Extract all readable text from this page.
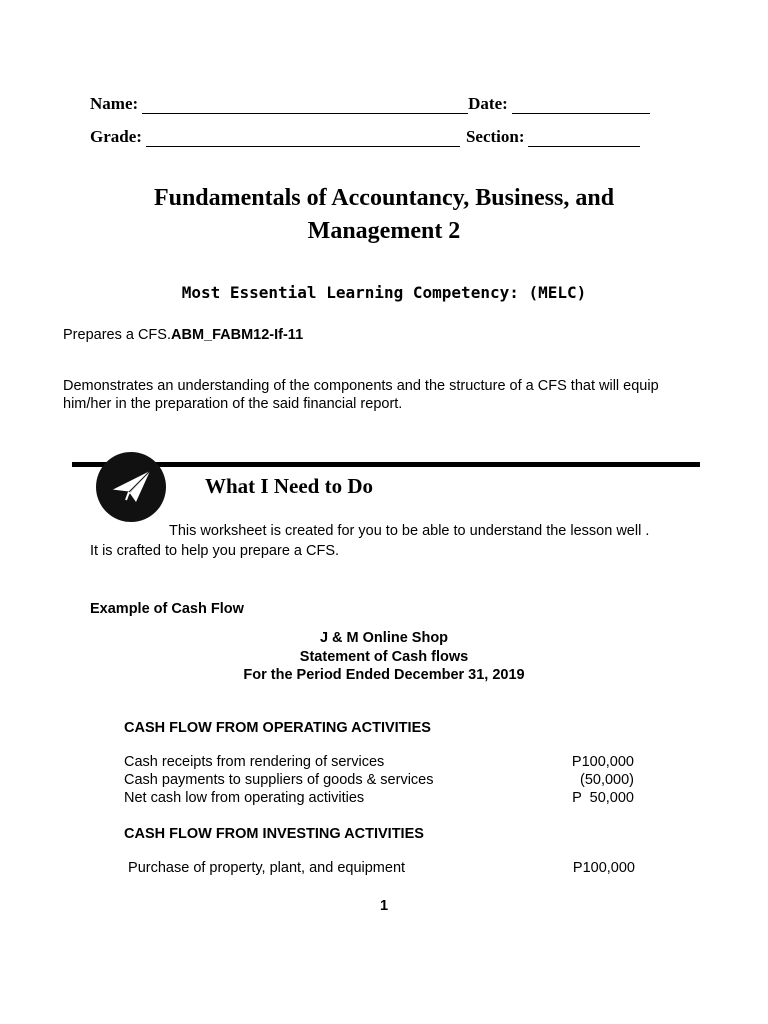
Name:	Date:
Grade:	Section:
Fundamentals of Accountancy, Business, and
Management 2
Most Essential Learning Competency: (MELC)
Prepares a CFS.ABM_FABM12-If-11
Demonstrates an understanding of the components and the structure of a CFS that will equip
him/her in the preparation of the said financial report.
What I Need to Do
This worksheet is created for you to be able to understand the lesson well .
It is crafted to help you prepare a CFS.
Example of Cash Flow
J & M Online Shop
Statement of Cash flows
For the Period Ended December 31, 2019
CASH FLOW FROM OPERATING ACTIVITIES
Cash receipts from rendering of services	P100,000
Cash payments to suppliers of goods & services	(50,000)
Net cash low from operating activities	P  50,000
CASH FLOW FROM INVESTING ACTIVITIES
Purchase of property, plant, and equipment	P100,000
1
